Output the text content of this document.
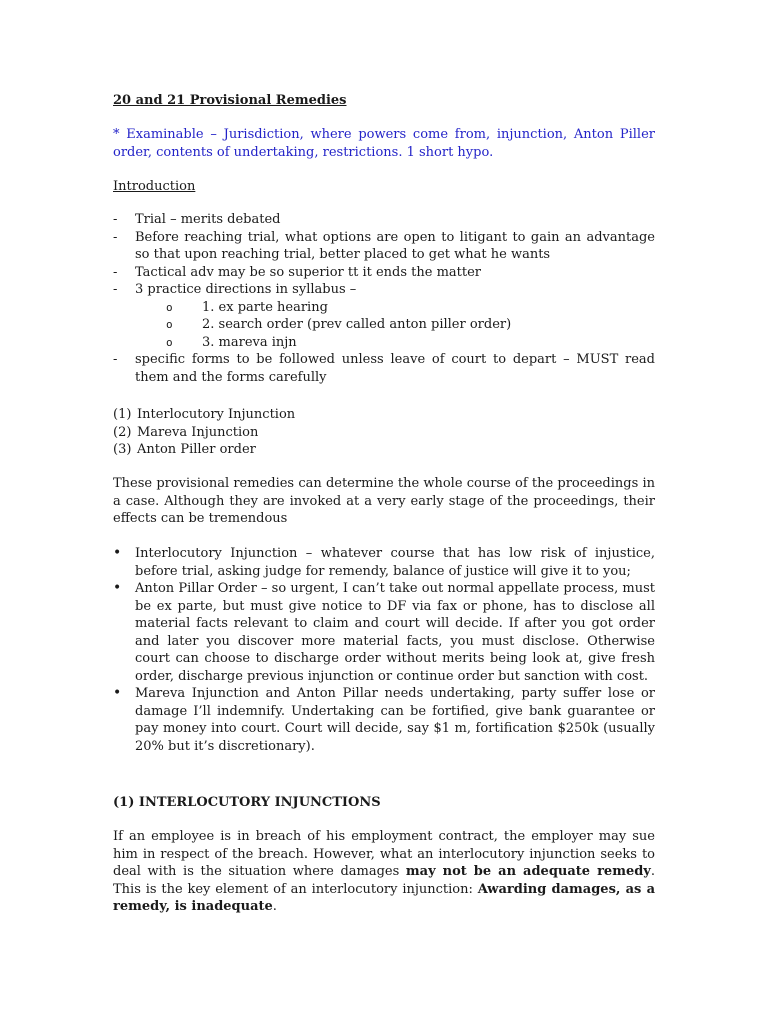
20 and 21 Provisional Remedies

* Examinable – Jurisdiction, where powers come from, injunction, Anton Piller order, contents of undertaking, restrictions. 1 short hypo.

Introduction

- Trial – merits debated
- Before reaching trial, what options are open to litigant to gain an advantage so that upon reaching trial, better placed to get what he wants
- Tactical adv may be so superior tt it ends the matter
- 3 practice directions in syllabus –
o 1. ex parte hearing
o 2. search order (prev called anton piller order)
o 3. mareva injn
- specific forms to be followed unless leave of court to depart – MUST read them and the forms carefully
(1) Interlocutory Injunction
(2) Mareva Injunction
(3) Anton Piller order

These provisional remedies can determine the whole course of the proceedings in a case. Although they are invoked at a very early stage of the proceedings, their effects can be tremendous

• Interlocutory Injunction – whatever course that has low risk of injustice, before trial, asking judge for remendy, balance of justice will give it to you;
• Anton Pillar Order – so urgent, I can’t take out normal appellate process, must be ex parte, but must give notice to DF via fax or phone, has to disclose all material facts relevant to claim and court will decide. If after you got order and later you discover more material facts, you must disclose. Otherwise court can choose to discharge order without merits being look at, give fresh order, discharge previous injunction or continue order but sanction with cost.
• Mareva Injunction and Anton Pillar needs undertaking, party suffer lose or damage I’ll indemnify. Undertaking can be fortified, give bank guarantee or pay money into court. Court will decide, say $1 m, fortification $250k (usually 20% but it’s discretionary).

(1) INTERLOCUTORY INJUNCTIONS

If an employee is in breach of his employment contract, the employer may sue him in respect of the breach. However, what an interlocutory injunction seeks to deal with is the situation where damages may not be an adequate remedy. This is the key element of an interlocutory injunction: Awarding damages, as a remedy, is inadequate.
